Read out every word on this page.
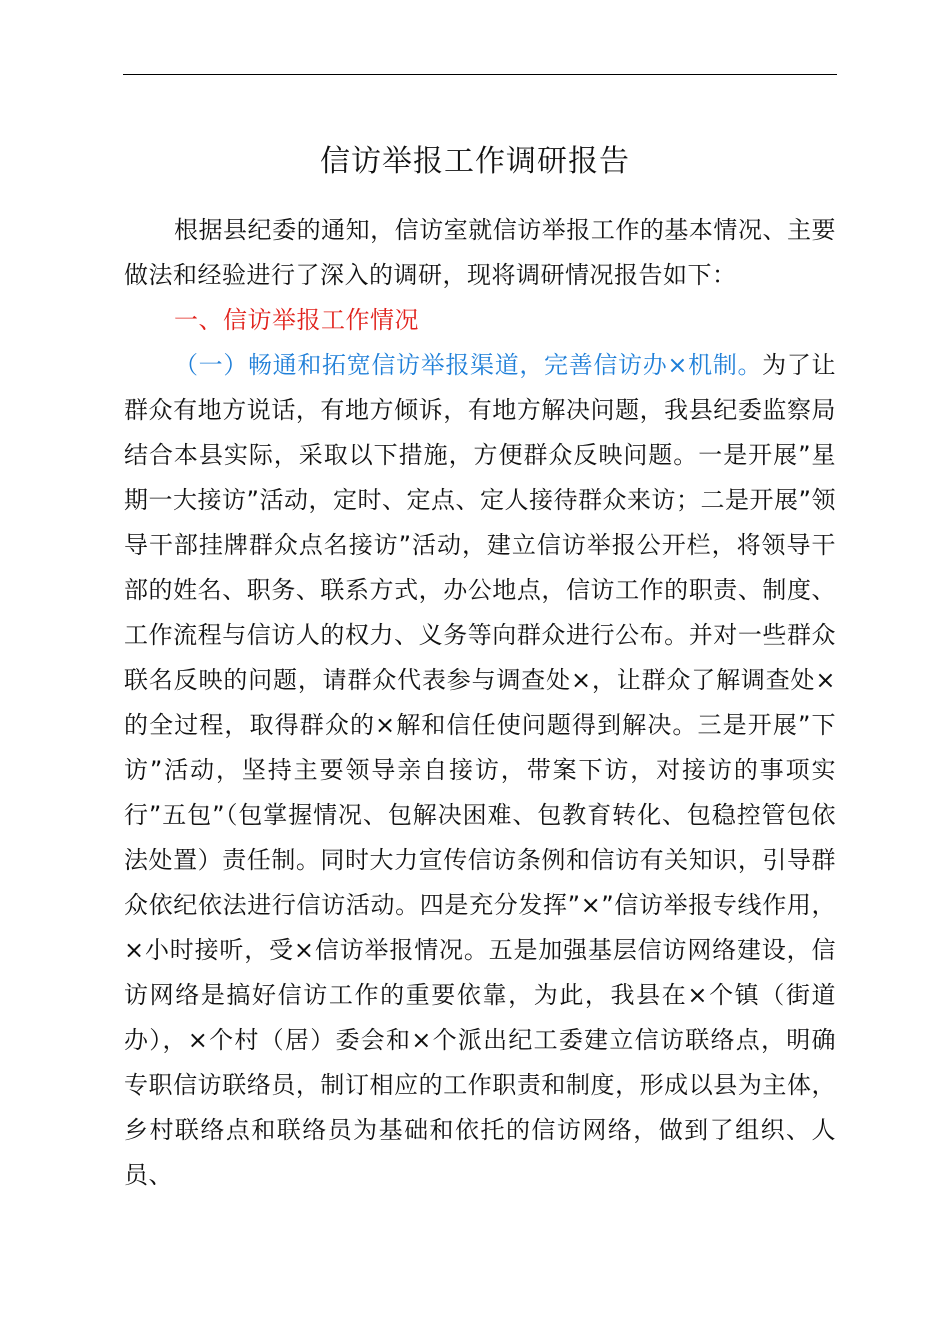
信访举报工作调研报告

根据县纪委的通知，信访室就信访举报工作的基本情况、主要做法和经验进行了深入的调研，现将调研情况报告如下：

一、信访举报工作情况

（一）畅通和拓宽信访举报渠道，完善信访办×机制。为了让群众有地方说话，有地方倾诉，有地方解决问题，我县纪委监察局结合本县实际，采取以下措施，方便群众反映问题。一是开展”星期一大接访”活动，定时、定点、定人接待群众来访；二是开展”领导干部挂牌群众点名接访”活动，建立信访举报公开栏，将领导干部的姓名、职务、联系方式，办公地点，信访工作的职责、制度、工作流程与信访人的权力、义务等向群众进行公布。并对一些群众联名反映的问题，请群众代表参与调查处×，让群众了解调查处×的全过程，取得群众的×解和信任使问题得到解决。三是开展”下访”活动，坚持主要领导亲自接访，带案下访，对接访的事项实行”五包”（包掌握情况、包解决困难、包教育转化、包稳控管包依法处置）责任制。同时大力宣传信访条例和信访有关知识，引导群众依纪依法进行信访活动。四是充分发挥”×”信访举报专线作用，×小时接听，受×信访举报情况。五是加强基层信访网络建设，信访网络是搞好信访工作的重要依靠，为此，我县在×个镇（街道办），×个村（居）委会和×个派出纪工委建立信访联络点，明确专职信访联络员，制订相应的工作职责和制度，形成以县为主体，乡村联络点和联络员为基础和依托的信访网络，做到了组织、人员、
